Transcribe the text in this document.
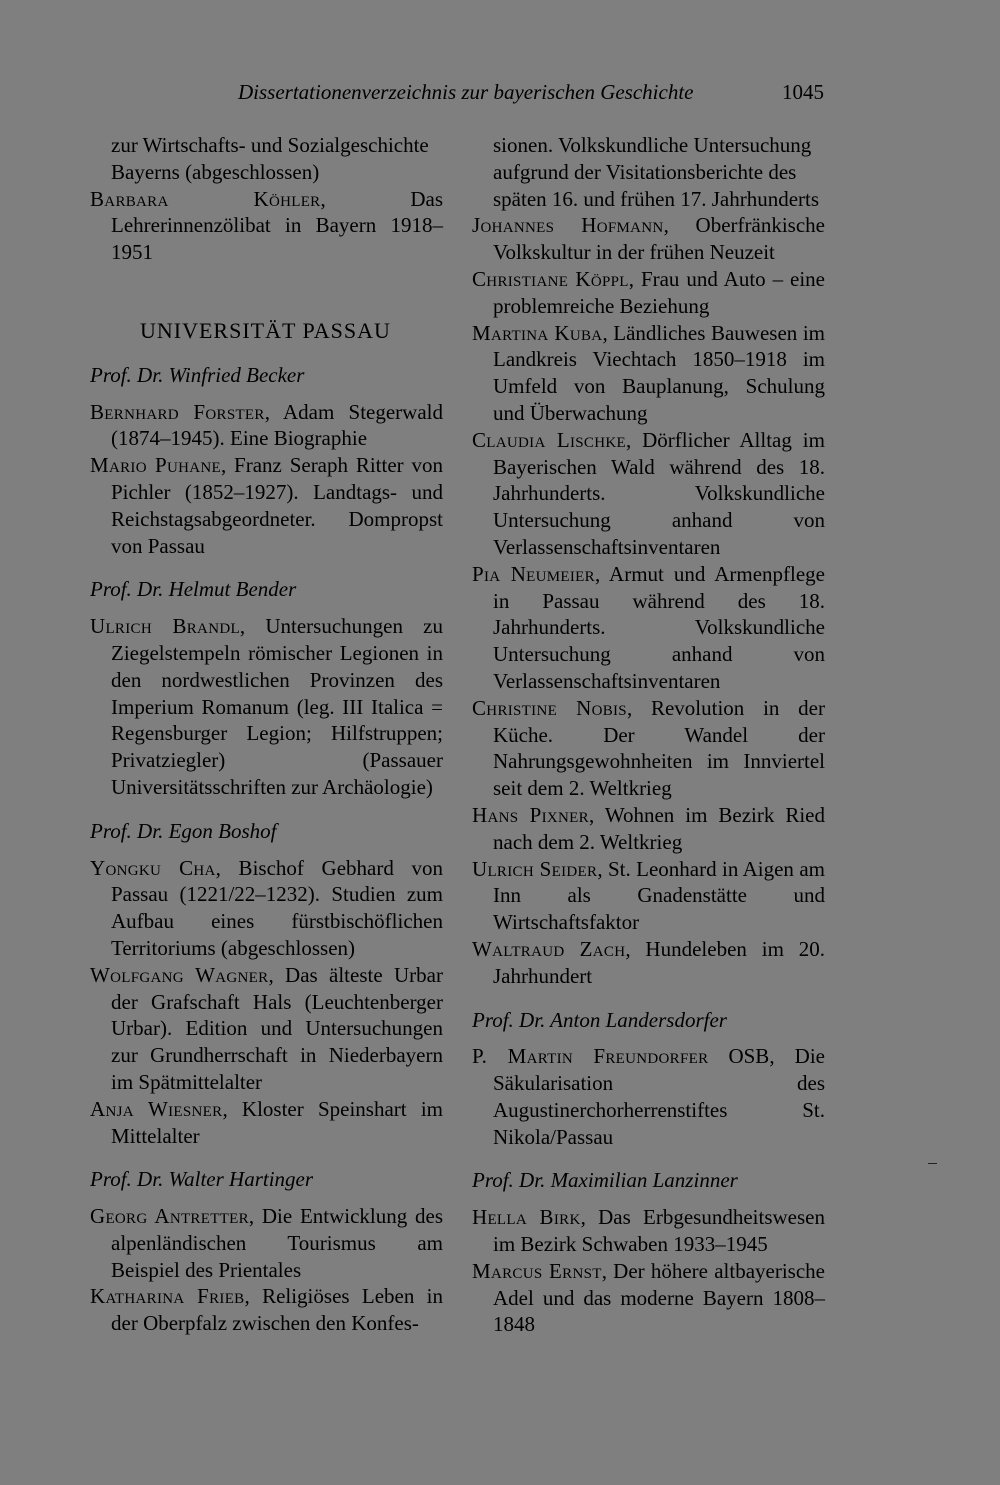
Dissertationenverzeichnis zur bayerischen Geschichte	1045
zur Wirtschafts- und Sozialgeschichte
Bayerns (abgeschlossen)
Barbara Köhler, Das Lehrerinnenzölibat in Bayern 1918–1951
UNIVERSITÄT PASSAU
Prof. Dr. Winfried Becker
Bernhard Forster, Adam Stegerwald (1874–1945). Eine Biographie
Mario Puhane, Franz Seraph Ritter von Pichler (1852–1927). Landtags- und Reichstagsabgeordneter. Dompropst von Passau
Prof. Dr. Helmut Bender
Ulrich Brandl, Untersuchungen zu Ziegelstempeln römischer Legionen in den nordwestlichen Provinzen des Imperium Romanum (leg. III Italica = Regensburger Legion; Hilfstruppen; Privatziegler) (Passauer Universitätsschriften zur Archäologie)
Prof. Dr. Egon Boshof
Yongku Cha, Bischof Gebhard von Passau (1221/22–1232). Studien zum Aufbau eines fürstbischöflichen Territoriums (abgeschlossen)
Wolfgang Wagner, Das älteste Urbar der Grafschaft Hals (Leuchtenberger Urbar). Edition und Untersuchungen zur Grundherrschaft in Niederbayern im Spätmittelalter
Anja Wiesner, Kloster Speinshart im Mittelalter
Prof. Dr. Walter Hartinger
Georg Antretter, Die Entwicklung des alpenländischen Tourismus am Beispiel des Prientales
Katharina Frieb, Religiöses Leben in der Oberpfalz zwischen den Konfes-
sionen. Volkskundliche Untersuchung
aufgrund der Visitationsberichte des
späten 16. und frühen 17. Jahrhunderts
Johannes Hofmann, Oberfränkische Volkskultur in der frühen Neuzeit
Christiane Köppl, Frau und Auto – eine problemreiche Beziehung
Martina Kuba, Ländliches Bauwesen im Landkreis Viechtach 1850–1918 im Umfeld von Bauplanung, Schulung und Überwachung
Claudia Lischke, Dörflicher Alltag im Bayerischen Wald während des 18. Jahrhunderts. Volkskundliche Untersuchung anhand von Verlassenschaftsinventaren
Pia Neumeier, Armut und Armenpflege in Passau während des 18. Jahrhunderts. Volkskundliche Untersuchung anhand von Verlassenschaftsinventaren
Christine Nobis, Revolution in der Küche. Der Wandel der Nahrungsgewohnheiten im Innviertel seit dem 2. Weltkrieg
Hans Pixner, Wohnen im Bezirk Ried nach dem 2. Weltkrieg
Ulrich Seider, St. Leonhard in Aigen am Inn als Gnadenstätte und Wirtschaftsfaktor
Waltraud Zach, Hundeleben im 20. Jahrhundert
Prof. Dr. Anton Landersdorfer
P. Martin Freundorfer OSB, Die Säkularisation des Augustinerchorherrenstiftes St. Nikola/Passau
Prof. Dr. Maximilian Lanzinner
Hella Birk, Das Erbgesundheitswesen im Bezirk Schwaben 1933–1945
Marcus Ernst, Der höhere altbayerische Adel und das moderne Bayern 1808–1848
